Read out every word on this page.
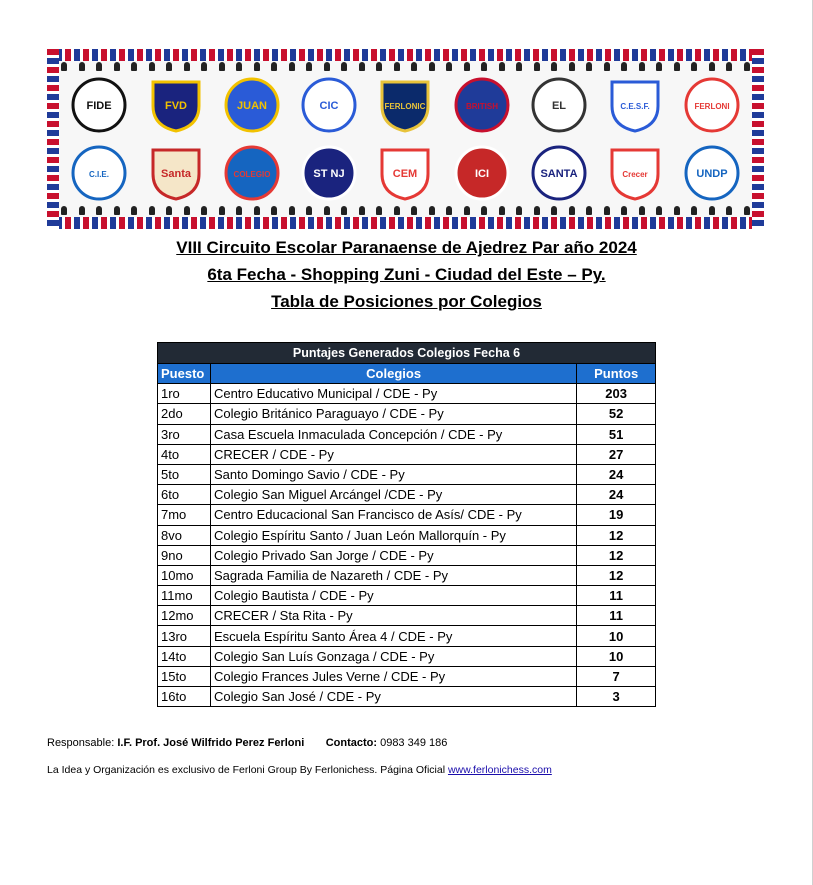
FIDE	FVD	JUAN	CIC	FERLONIC	BRITISH	EL	C.E.S.F.	FERLONI
C.I.E.	Santa	COLEGIO	ST NJ	CEM	ICI	SANTA	Crecer	UNDP
VIII Circuito Escolar Paranaense de Ajedrez Par año 2024
6ta Fecha - Shopping Zuni - Ciudad del Este – Py.
Tabla de Posiciones por Colegios
Puntajes Generados Colegios Fecha 6		
Puesto	Colegios	Puntos
1ro	Centro Educativo Municipal / CDE - Py	203
2do	Colegio Británico Paraguayo / CDE - Py	52
3ro	Casa Escuela Inmaculada Concepción / CDE - Py	51
4to	CRECER / CDE - Py	27
5to	Santo Domingo Savio / CDE - Py	24
6to	Colegio San Miguel Arcángel /CDE - Py	24
7mo	Centro Educacional San Francisco de Asís/ CDE - Py	19
8vo	Colegio Espíritu Santo / Juan León Mallorquín - Py	12
9no	Colegio Privado San Jorge / CDE - Py	12
10mo	Sagrada Familia de Nazareth / CDE - Py	12
11mo	Colegio Bautista / CDE - Py	11
12mo	CRECER / Sta Rita - Py	11
13ro	Escuela Espíritu Santo Área 4 / CDE - Py	10
14to	Colegio San Luís Gonzaga / CDE - Py	10
15to	Colegio Frances Jules Verne / CDE - Py	7
16to	Colegio San José / CDE - Py	3
Responsable: I.F. Prof. José Wilfrido Perez Ferloni Contacto: 0983 349 186
La Idea y Organización es exclusivo de Ferloni Group By Ferlonichess. Página Oficial www.ferlonichess.com
